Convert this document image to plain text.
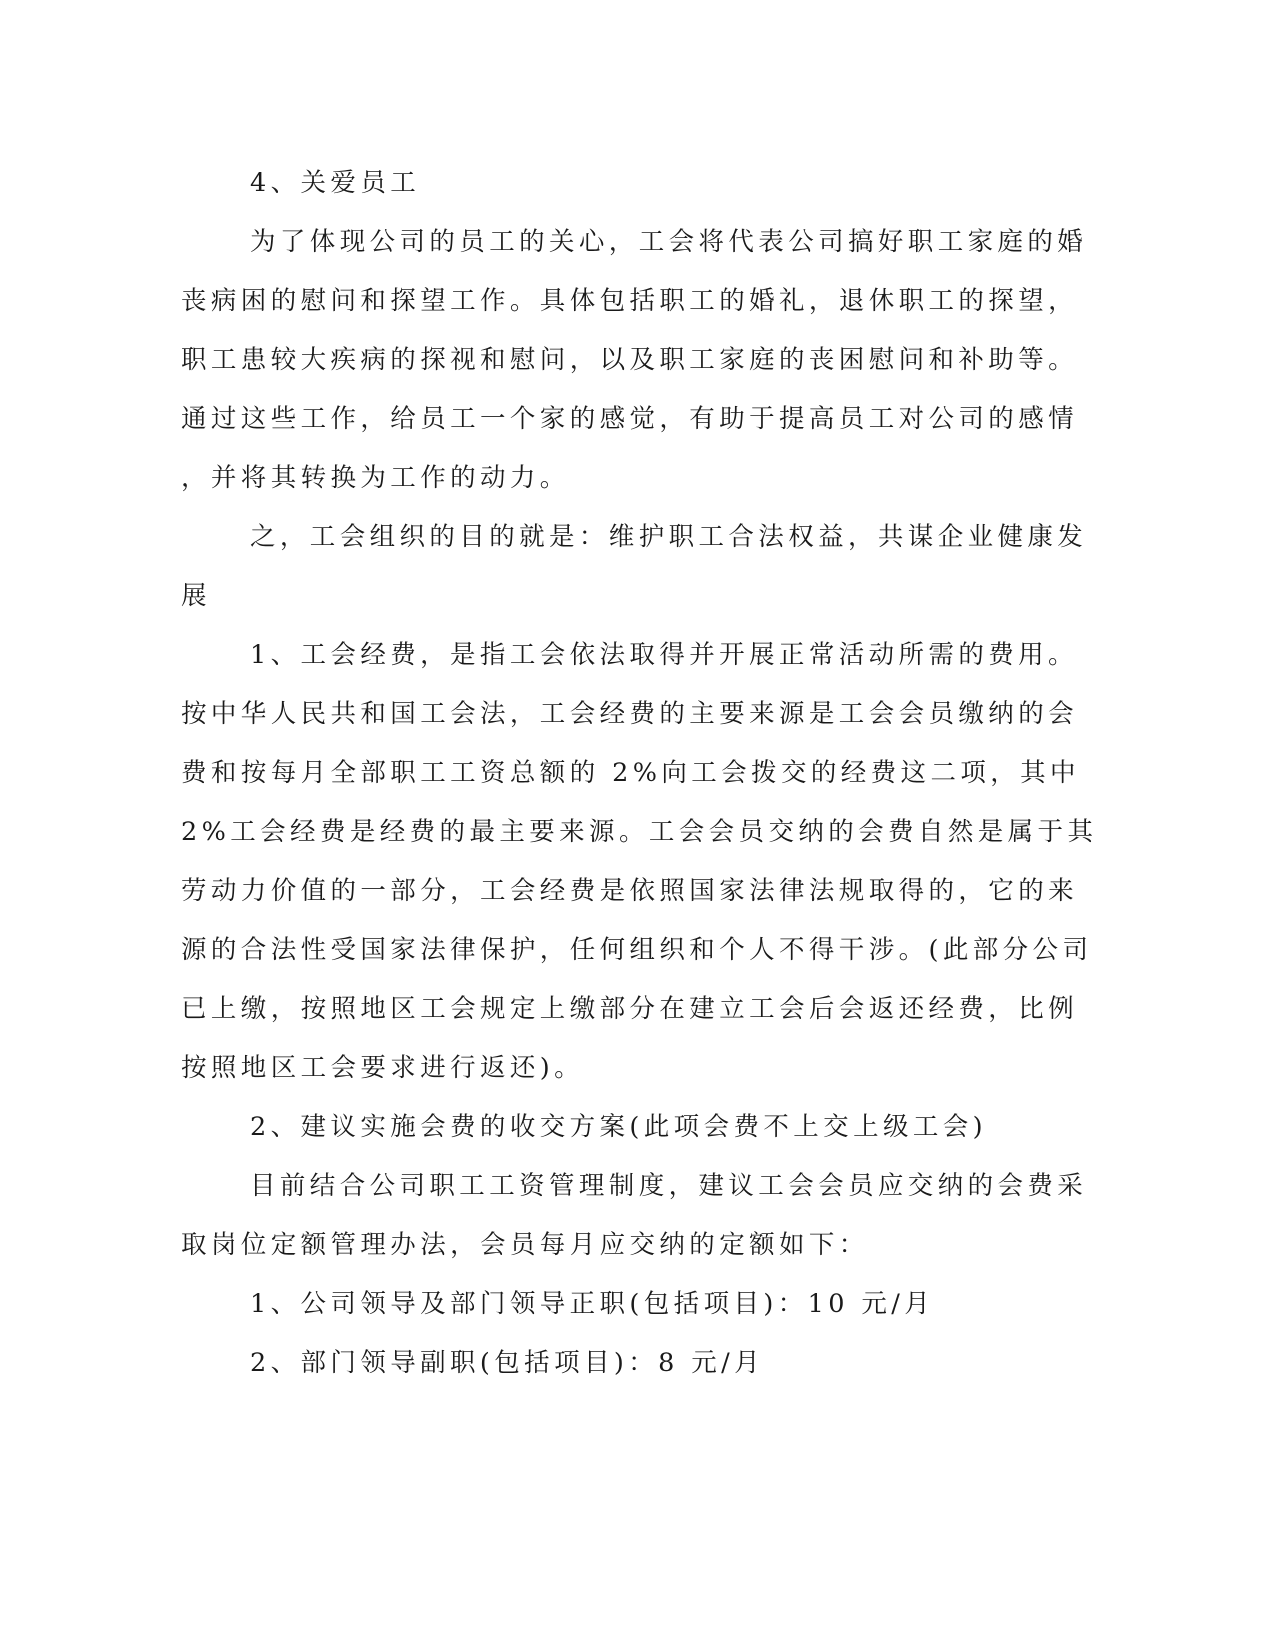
4、关爱员工

为了体现公司的员工的关心，工会将代表公司搞好职工家庭的婚

丧病困的慰问和探望工作。具体包括职工的婚礼，退休职工的探望，

职工患较大疾病的探视和慰问，以及职工家庭的丧困慰问和补助等。

通过这些工作，给员工一个家的感觉，有助于提高员工对公司的感情

，并将其转换为工作的动力。

之，工会组织的目的就是：维护职工合法权益，共谋企业健康发

展

1、工会经费，是指工会依法取得并开展正常活动所需的费用。

按中华人民共和国工会法，工会经费的主要来源是工会会员缴纳的会

费和按每月全部职工工资总额的 2%向工会拨交的经费这二项，其中

2%工会经费是经费的最主要来源。工会会员交纳的会费自然是属于其

劳动力价值的一部分，工会经费是依照国家法律法规取得的，它的来

源的合法性受国家法律保护，任何组织和个人不得干涉。(此部分公司

已上缴，按照地区工会规定上缴部分在建立工会后会返还经费，比例

按照地区工会要求进行返还)。

2、建议实施会费的收交方案(此项会费不上交上级工会)

目前结合公司职工工资管理制度，建议工会会员应交纳的会费采

取岗位定额管理办法，会员每月应交纳的定额如下：

1、公司领导及部门领导正职(包括项目)：10 元/月

2、部门领导副职(包括项目)：8 元/月
